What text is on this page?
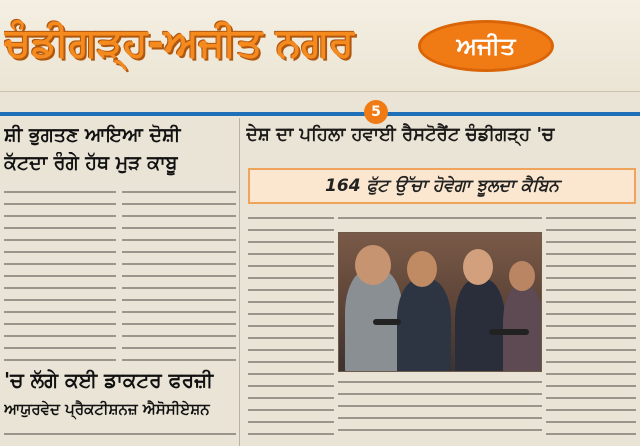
ਚੰਡੀਗੜ੍ਹ-ਅਜੀਤ ਨਗਰ	ਅਜੀਤ
5
ਸ਼ੀ ਭੁਗਤਣ ਆਇਆ ਦੋਸ਼ੀ
ਕੱਟਦਾ ਰੰਗੇ ਹੱਥ ਮੁੜ ਕਾਬੂ
'ਚ ਲੱਗੇ ਕਈ ਡਾਕਟਰ ਫਰਜ਼ੀ
ਆਯੁਰਵੇਦ ਪ੍ਰੈਕਟੀਸ਼ਨਜ਼ ਐਸੋਸੀਏਸ਼ਨ
ਦੇਸ਼ ਦਾ ਪਹਿਲਾ ਹਵਾਈ ਰੈਸਟੋਰੈਂਟ ਚੰਡੀਗੜ੍ਹ 'ਚ
164 ਫੁੱਟ ਉੱਚਾ ਹੋਵੇਗਾ ਝੂਲਦਾ ਕੈਬਿਨ
